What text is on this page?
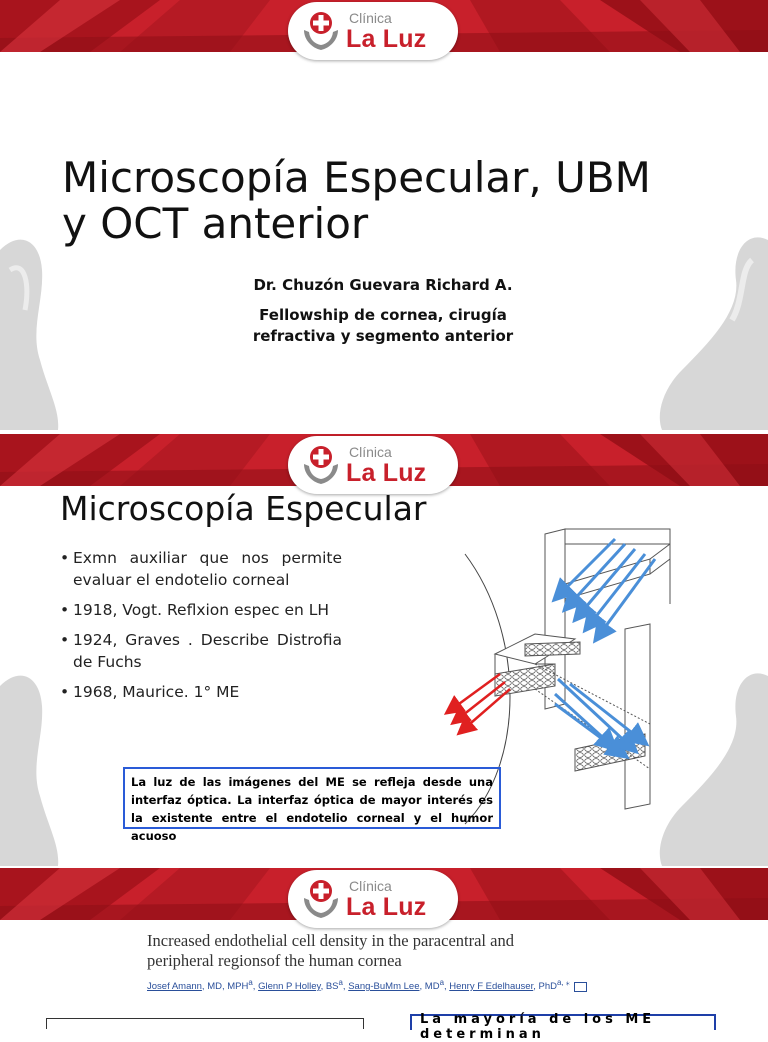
Clínica
La Luz
Microscopía Especular, UBM
y OCT anterior
Dr. Chuzón Guevara Richard A.
Fellowship de cornea, cirugía
refractiva y segmento anterior
Clínica
La Luz
Microscopía Especular
• Exmn auxiliar que nos permite evaluar el endotelio corneal
• 1918, Vogt. Reflxion espec en LH
• 1924, Graves . Describe Distrofia de Fuchs
• 1968, Maurice. 1° ME
La luz de las imágenes del ME se refleja desde una interfaz óptica. La interfaz óptica de mayor interés es la existente entre el endotelio corneal y el humor acuoso
Clínica
La Luz
Increased endothelial cell density in the paracentral and
peripheral regionsof the human cornea
Josef Amann, MD, MPH$^a$, Glenn P Holley, $BS^a$, Sang-BuMm Lee, $MD^a$, Henry F Edelhauser, PhD$^{a, ⁎}$
La mayoría de los ME determinan
